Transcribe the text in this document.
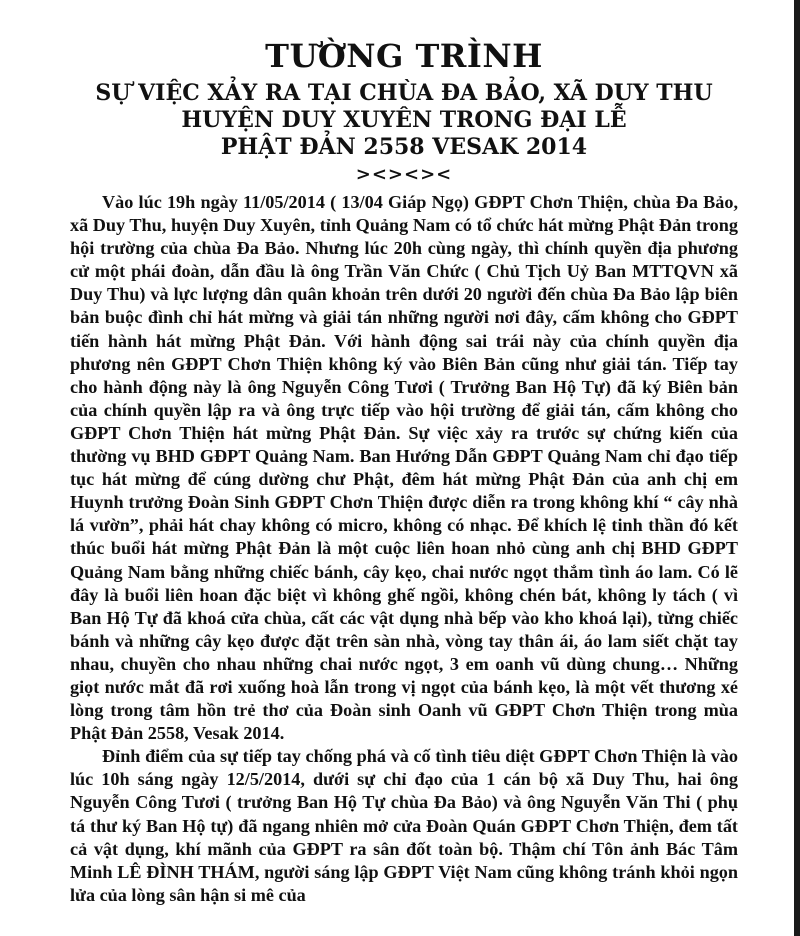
TƯỜNG TRÌNH

SỰ VIỆC XẢY RA TẠI CHÙA ĐA BẢO, XÃ DUY THU

HUYỆN DUY XUYÊN TRONG ĐẠI LỄ

PHẬT ĐẢN 2558 VESAK 2014

><><><

Vào lúc 19h ngày 11/05/2014 ( 13/04 Giáp Ngọ) GĐPT Chơn Thiện, chùa Đa Bảo, xã Duy Thu, huyện Duy Xuyên, tỉnh Quảng Nam có tổ chức hát mừng Phật Đản trong hội trường của chùa Đa Bảo. Nhưng lúc 20h cùng ngày, thì chính quyền địa phương cử một phái đoàn, dẫn đầu là ông Trần Văn Chức ( Chủ Tịch Uỷ Ban MTTQVN xã Duy Thu) và lực lượng dân quân khoản trên dưới 20 người đến chùa Đa Bảo lập biên bản buộc đình chỉ hát mừng và giải tán những người nơi đây, cấm không cho GĐPT tiến hành hát mừng Phật Đản. Với hành động sai trái này của chính quyền địa phương nên GĐPT Chơn Thiện không ký vào Biên Bản cũng như giải tán. Tiếp tay cho hành động này là ông Nguyễn Công Tươi ( Trưởng Ban Hộ Tự) đã ký Biên bản của chính quyền lập ra và ông trực tiếp vào hội trường để giải tán, cấm không cho GĐPT Chơn Thiện hát mừng Phật Đản. Sự việc xảy ra trước sự chứng kiến của thường vụ BHD GĐPT Quảng Nam. Ban Hướng Dẫn GĐPT Quảng Nam chỉ đạo tiếp tục hát mừng để cúng dường chư Phật, đêm hát mừng Phật Đản của anh chị em Huynh trưởng Đoàn Sinh GĐPT Chơn Thiện được diễn ra trong không khí “ cây nhà lá vườn”, phải hát chay không có micro, không có nhạc. Để khích lệ tinh thần đó kết thúc buổi hát mừng Phật Đản là một cuộc liên hoan nhỏ cùng anh chị BHD GĐPT Quảng Nam bằng những chiếc bánh, cây kẹo, chai nước ngọt thắm tình áo lam. Có lẽ đây là buổi liên hoan đặc biệt vì không ghế ngồi, không chén bát, không ly tách ( vì Ban Hộ Tự đã khoá cửa chùa, cất các vật dụng nhà bếp vào kho khoá lại), từng chiếc bánh và những cây kẹo được đặt trên sàn nhà, vòng tay thân ái, áo lam siết chặt tay nhau, chuyền cho nhau những chai nước ngọt, 3 em oanh vũ dùng chung… Những giọt nước mắt đã rơi xuống hoà lẫn trong vị ngọt của bánh kẹo, là một vết thương xé lòng trong tâm hồn trẻ thơ của Đoàn sinh Oanh vũ GĐPT Chơn Thiện trong mùa Phật Đản 2558, Vesak 2014.

Đỉnh điểm của sự tiếp tay chống phá và cố tình tiêu diệt GĐPT Chơn Thiện là vào lúc 10h sáng ngày 12/5/2014, dưới sự chỉ đạo của 1 cán bộ xã Duy Thu, hai ông Nguyễn Công Tươi ( trưởng Ban Hộ Tự chùa Đa Bảo) và ông Nguyễn Văn Thi ( phụ tá thư ký Ban Hộ tự) đã ngang nhiên mở cửa Đoàn Quán GĐPT Chơn Thiện, đem tất cả vật dụng, khí mãnh của GĐPT ra sân đốt toàn bộ. Thậm chí Tôn ảnh Bác Tâm Minh LÊ ĐÌNH THÁM, người sáng lập GĐPT Việt Nam cũng không tránh khỏi ngọn lửa của lòng sân hận si mê của
